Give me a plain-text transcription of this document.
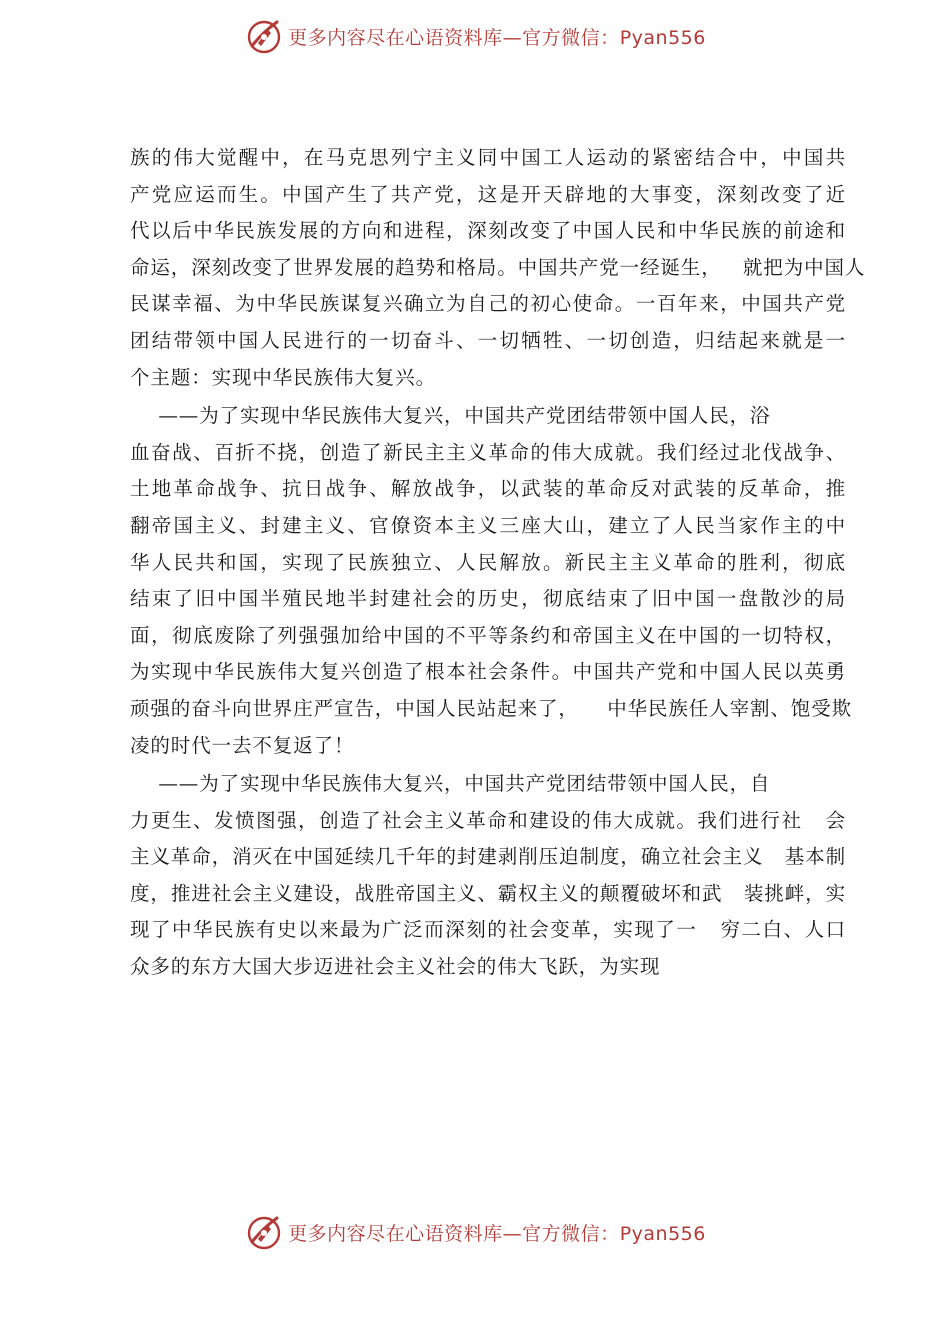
更多内容尽在心语资料库—官方微信：Pyan556
族的伟大觉醒中，在马克思列宁主义同中国工人运动的紧密结合中，中国共
产党应运而生。中国产生了共产党，这是开天辟地的大事变，深刻改变了近
代以后中华民族发展的方向和进程，深刻改变了中国人民和中华民族的前途和
命运，深刻改变了世界发展的趋势和格局。中国共产党一经诞生，   就把为中国人
民谋幸福、为中华民族谋复兴确立为自己的初心使命。一百年来，中国共产党
团结带领中国人民进行的一切奋斗、一切牺牲、一切创造，归结起来就是一
个主题：实现中华民族伟大复兴。
——为了实现中华民族伟大复兴，中国共产党团结带领中国人民，浴
血奋战、百折不挠，创造了新民主主义革命的伟大成就。我们经过北伐战争、
土地革命战争、抗日战争、解放战争，以武装的革命反对武装的反革命，推
翻帝国主义、封建主义、官僚资本主义三座大山，建立了人民当家作主的中
华人民共和国，实现了民族独立、人民解放。新民主主义革命的胜利，彻底
结束了旧中国半殖民地半封建社会的历史，彻底结束了旧中国一盘散沙的局
面，彻底废除了列强强加给中国的不平等条约和帝国主义在中国的一切特权，
为实现中华民族伟大复兴创造了根本社会条件。中国共产党和中国人民以英勇
顽强的奋斗向世界庄严宣告，中国人民站起来了，    中华民族任人宰割、饱受欺
凌的时代一去不复返了！
——为了实现中华民族伟大复兴，中国共产党团结带领中国人民，自
力更生、发愤图强，创造了社会主义革命和建设的伟大成就。我们进行社   会
主义革命，消灭在中国延续几千年的封建剥削压迫制度，确立社会主义   基本制
度，推进社会主义建设，战胜帝国主义、霸权主义的颠覆破坏和武   装挑衅，实
现了中华民族有史以来最为广泛而深刻的社会变革，实现了一   穷二白、人口
众多的东方大国大步迈进社会主义社会的伟大飞跃，为实现
更多内容尽在心语资料库—官方微信：Pyan556
